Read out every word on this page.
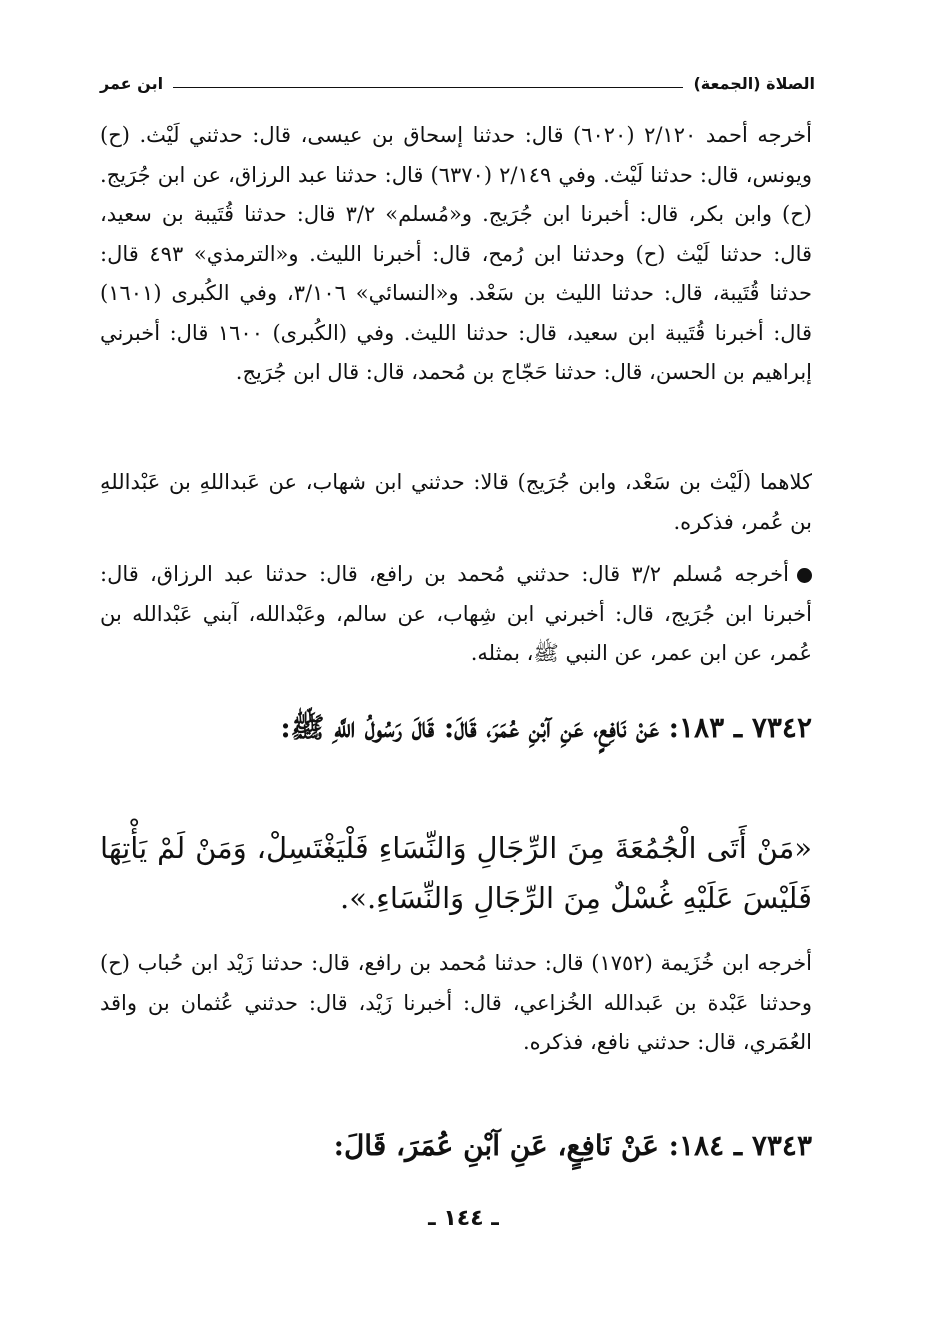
الصلاة (الجمعة)
ابن عمر
أخرجه أحمد ٢/١٢٠ (٦٠٢٠) قال: حدثنا إسحاق بن عيسى، قال: حدثني لَيْث. (ح) ويونس، قال: حدثنا لَيْث. وفي ٢/١٤٩ (٦٣٧٠) قال: حدثنا عبد الرزاق، عن ابن جُرَيج. (ح) وابن بكر، قال: أخبرنا ابن جُرَيج. و«مُسلم» ٣/٢ قال: حدثنا قُتَيبة بن سعيد، قال: حدثنا لَيْث (ح) وحدثنا ابن رُمح، قال: أخبرنا الليث. و«الترمذي» ٤٩٣ قال: حدثنا قُتَيبة، قال: حدثنا الليث بن سَعْد. و«النسائي» ٣/١٠٦، وفي الكُبرى (١٦٠١) قال: أخبرنا قُتَيبة ابن سعيد، قال: حدثنا الليث. وفي (الكُبرى) ١٦٠٠ قال: أخبرني إبراهيم بن الحسن، قال: حدثنا حَجّاج بن مُحمد، قال: قال ابن جُرَيج.
كلاهما (لَيْث بن سَعْد، وابن جُرَيج) قالا: حدثني ابن شهاب، عن عَبداللهِ بن عَبْداللهِ بن عُمر، فذكره.
أخرجه مُسلم ٣/٢ قال: حدثني مُحمد بن رافع، قال: حدثنا عبد الرزاق، قال: أخبرنا ابن جُرَيج، قال: أخبرني ابن شِهاب، عن سالم، وعَبْدالله، آبني عَبْدالله بن عُمر، عن ابن عمر، عن النبي ﷺ، بمثله.
٧٣٤٢ ـ ١٨٣: عَنْ نَافِعٍ، عَنِ آبْنِ عُمَرَ، قَالَ: قَالَ رَسُولُ اللَّهِ ﷺ:
«مَنْ أَتَى الْجُمُعَةَ مِنَ الرِّجَالِ وَالنِّسَاءِ فَلْيَغْتَسِلْ، وَمَنْ لَمْ يَأْتِهَا فَلَيْسَ عَلَيْهِ غُسْلٌ مِنَ الرِّجَالِ وَالنِّسَاءِ.».
أخرجه ابن خُزَيمة (١٧٥٢) قال: حدثنا مُحمد بن رافع، قال: حدثنا زَيْد ابن حُباب (ح) وحدثنا عَبْدة بن عَبدالله الخُزاعي، قال: أخبرنا زَيْد، قال: حدثني عُثمان بن واقد العُمَري، قال: حدثني نافع، فذكره.
٧٣٤٣ ـ ١٨٤: عَنْ نَافِعٍ، عَنِ آبْنِ عُمَرَ، قَالَ:
ـ ١٤٤ ـ
